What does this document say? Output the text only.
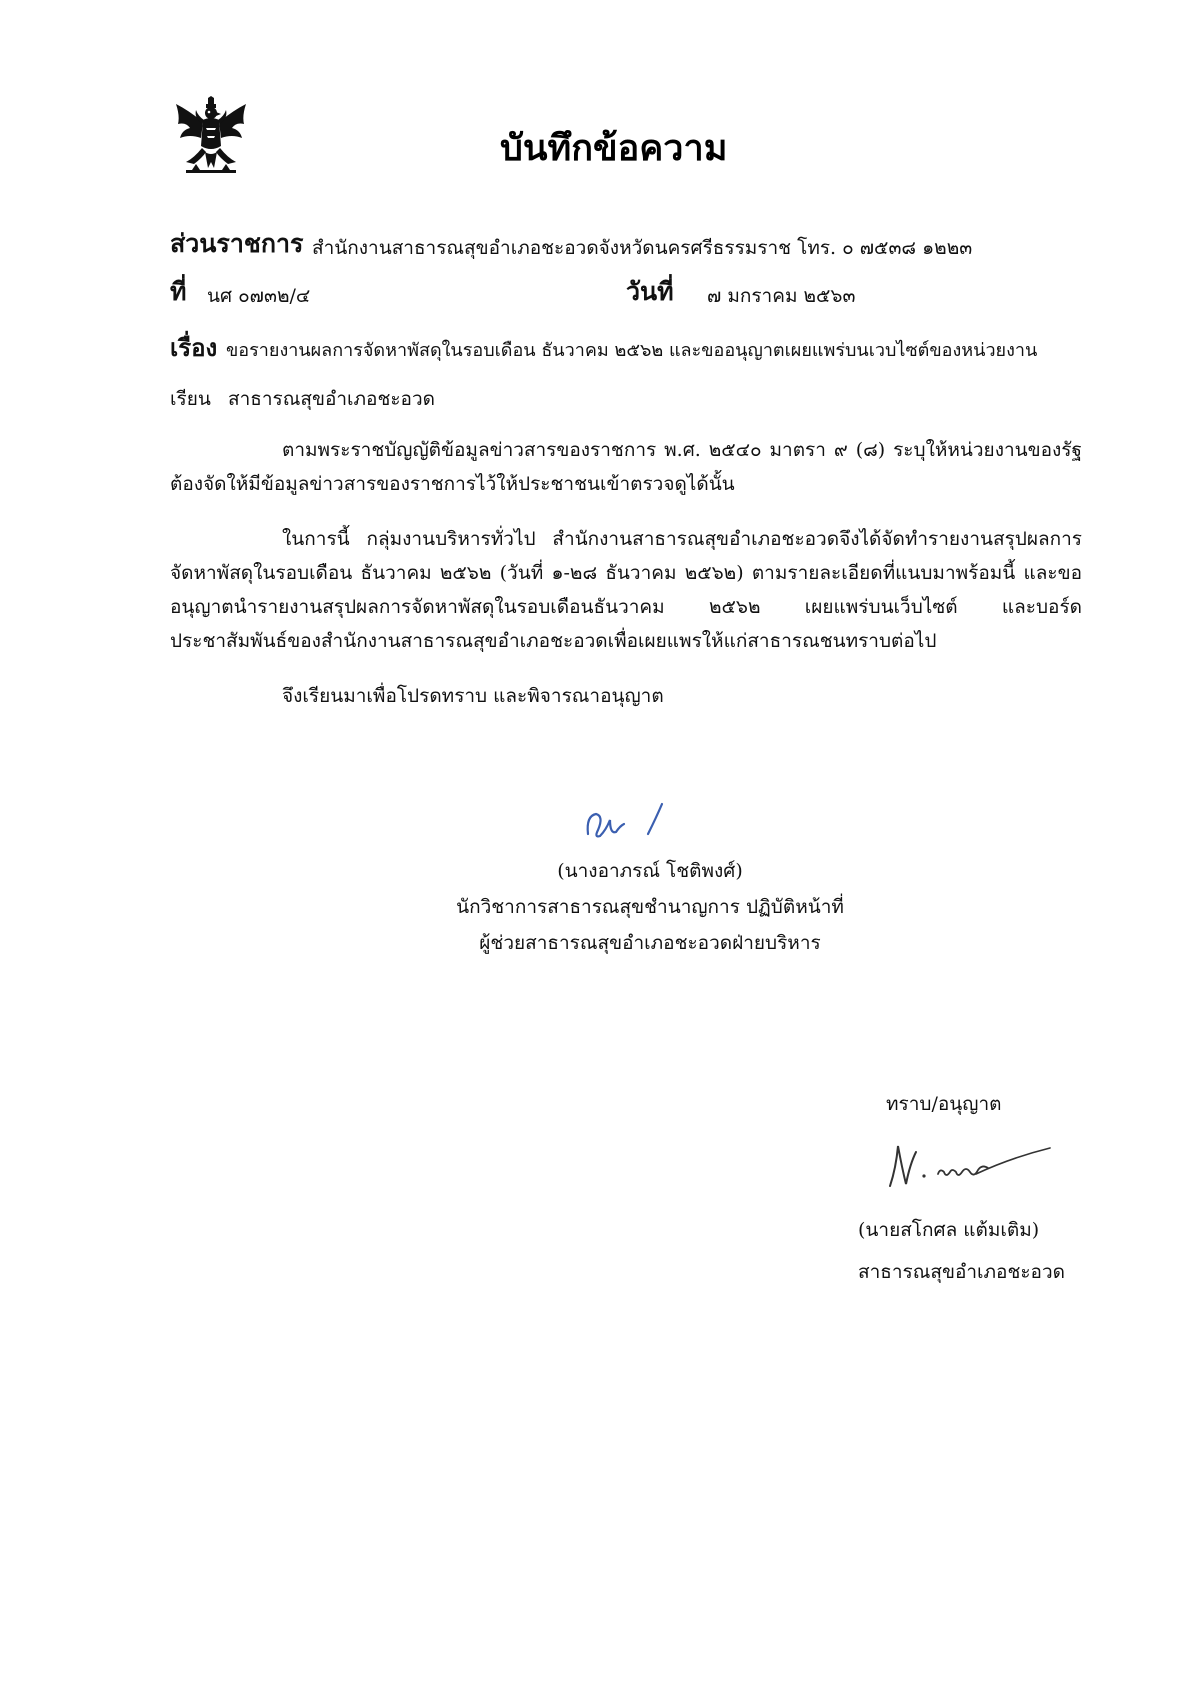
บันทึกข้อความ
ส่วนราชการ สำนักงานสาธารณสุขอำเภอชะอวดจังหวัดนครศรีธรรมราช โทร. ๐ ๗๕๓๘ ๑๒๒๓
ที่ นศ ๐๗๓๒/๔	วันที่ ๗ มกราคม ๒๕๖๓
เรื่อง ขอรายงานผลการจัดหาพัสดุในรอบเดือน ธันวาคม ๒๕๖๒ และขออนุญาตเผยแพร่บนเวบไซต์ของหน่วยงาน
เรียน สาธารณสุขอำเภอชะอวด
ตามพระราชบัญญัติข้อมูลข่าวสารของราชการ พ.ศ. ๒๕๔๐ มาตรา ๙ (๘) ระบุให้หน่วยงานของรัฐต้องจัดให้มีข้อมูลข่าวสารของราชการไว้ให้ประชาชนเข้าตรวจดูได้นั้น
ในการนี้ กลุ่มงานบริหารทั่วไป สำนักงานสาธารณสุขอำเภอชะอวดจึงได้จัดทำรายงานสรุปผลการจัดหาพัสดุในรอบเดือน ธันวาคม ๒๕๖๒ (วันที่ ๑-๒๘ ธันวาคม ๒๕๖๒) ตามรายละเอียดที่แนบมาพร้อมนี้ และขออนุญาตนำรายงานสรุปผลการจัดหาพัสดุในรอบเดือนธันวาคม ๒๕๖๒ เผยแพร่บนเว็บไซต์ และบอร์ดประชาสัมพันธ์ของสำนักงานสาธารณสุขอำเภอชะอวดเพื่อเผยแพรให้แก่สาธารณชนทราบต่อไป
จึงเรียนมาเพื่อโปรดทราบ และพิจารณาอนุญาต
(นางอาภรณ์ โชติพงศ์)
นักวิชาการสาธารณสุขชำนาญการ ปฏิบัติหน้าที่
ผู้ช่วยสาธารณสุขอำเภอชะอวดฝ่ายบริหาร
ทราบ/อนุญาต
(นายสโกศล แต้มเติม)
สาธารณสุขอำเภอชะอวด
